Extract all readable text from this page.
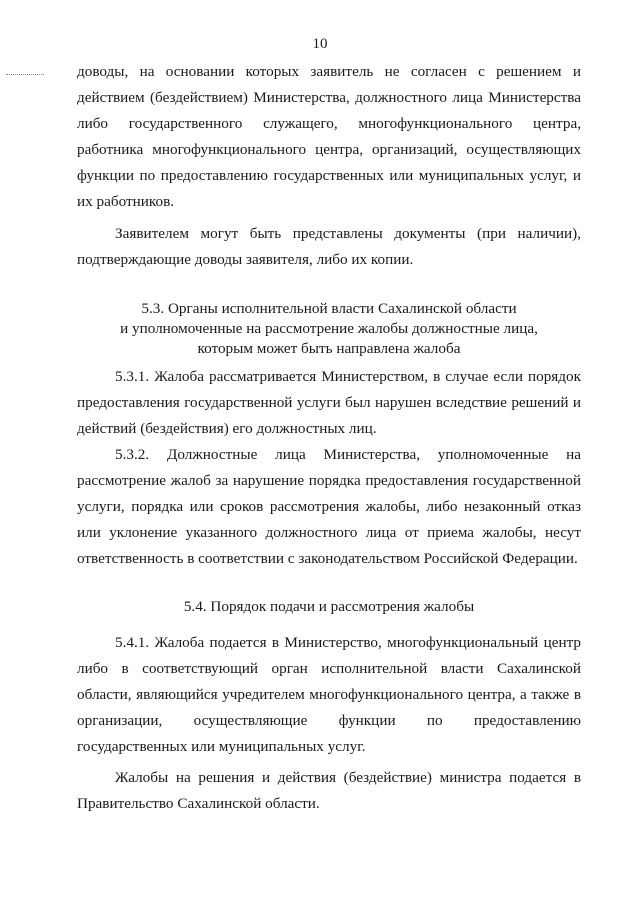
10
доводы, на основании которых заявитель не согласен с решением и действием (бездействием) Министерства, должностного лица Министерства либо государственного служащего, многофункционального центра, работника многофункционального центра, организаций, осуществляющих функции по предоставлению государственных или муниципальных услуг, и их работников.
Заявителем могут быть представлены документы (при наличии), подтверждающие доводы заявителя, либо их копии.
5.3. Органы исполнительной власти Сахалинской области
и уполномоченные на рассмотрение жалобы должностные лица,
которым может быть направлена жалоба
5.3.1. Жалоба рассматривается Министерством, в случае если порядок предоставления государственной услуги был нарушен вследствие решений и действий (бездействия) его должностных лиц.
5.3.2. Должностные лица Министерства, уполномоченные на рассмотрение жалоб за нарушение порядка предоставления государственной услуги, порядка или сроков рассмотрения жалобы, либо незаконный отказ или уклонение указанного должностного лица от приема жалобы, несут ответственность в соответствии с законодательством Российской Федерации.
5.4. Порядок подачи и рассмотрения жалобы
5.4.1. Жалоба подается в Министерство, многофункциональный центр либо в соответствующий орган исполнительной власти Сахалинской области, являющийся учредителем многофункционального центра, а также в организации, осуществляющие функции по предоставлению государственных или муниципальных услуг.
Жалобы на решения и действия (бездействие) министра подается в Правительство Сахалинской области.
